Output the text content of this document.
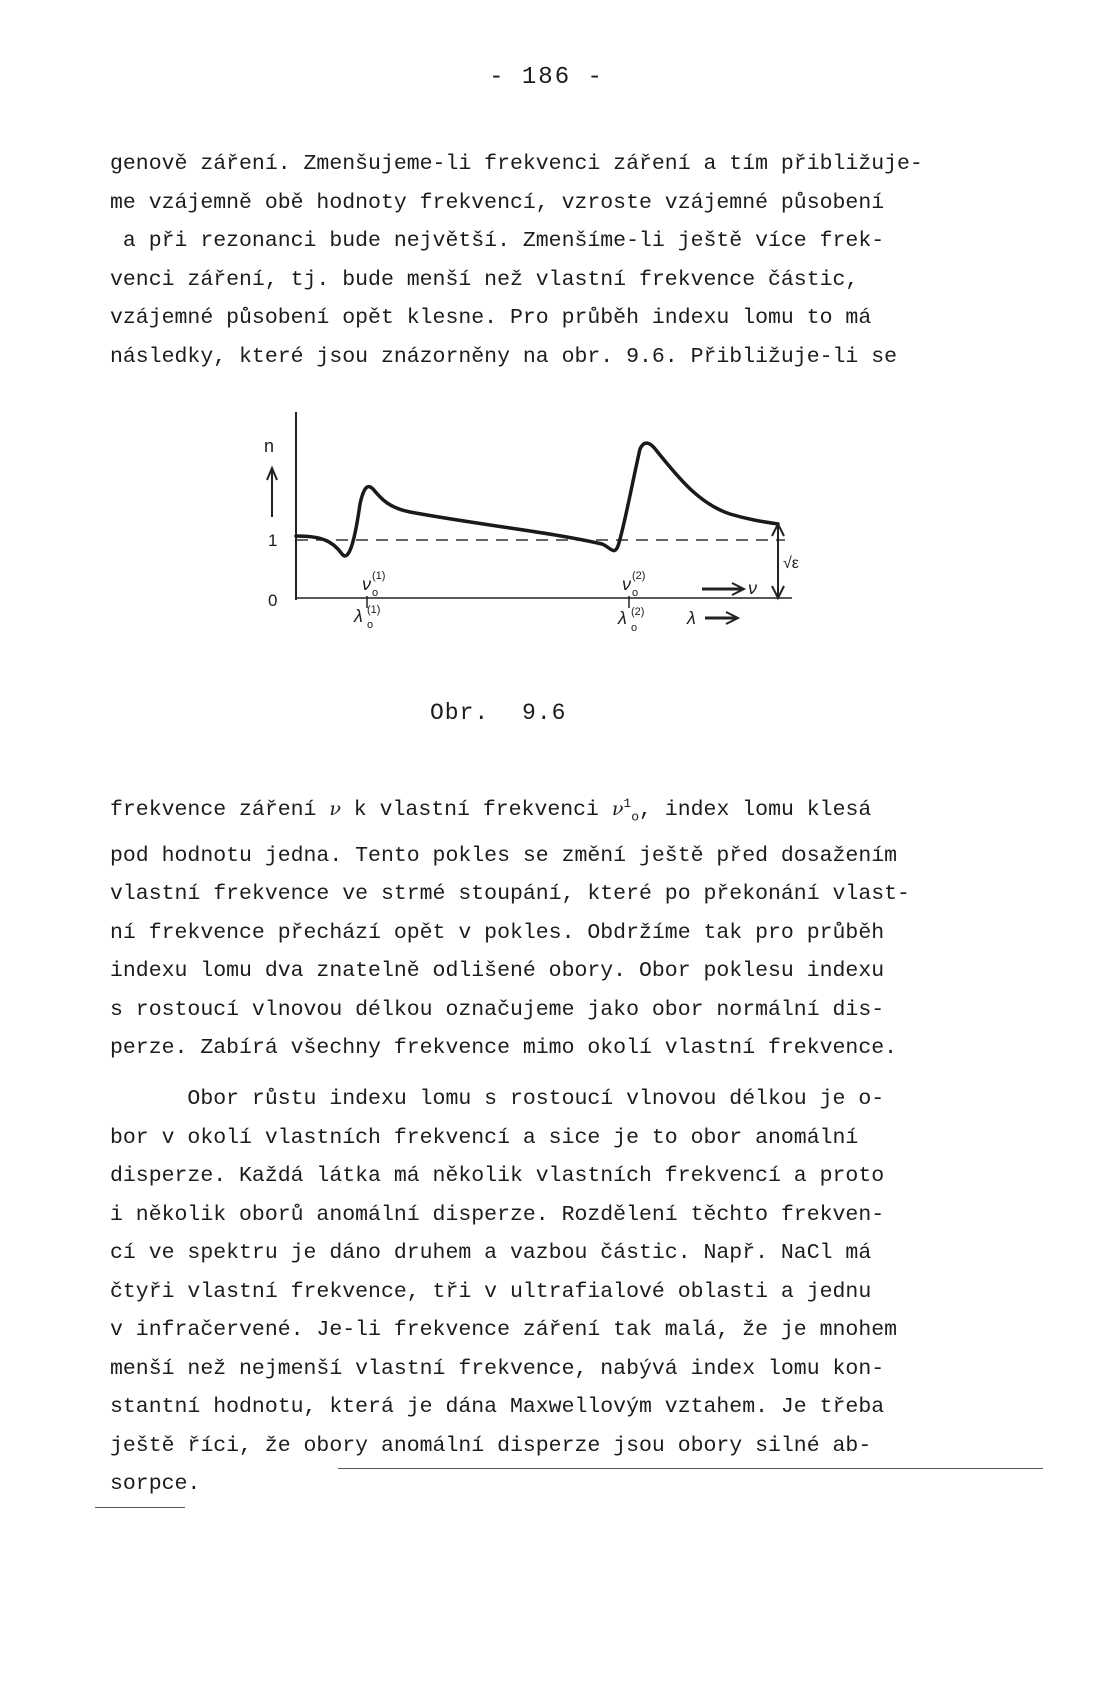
- 186 -
genově záření. Zmenšujeme-li frekvenci záření a tím přibližuje-
me vzájemně obě hodnoty frekvencí, vzroste vzájemné působení
a při rezonanci bude největší. Zmenšíme-li ještě více frek-
venci záření, tj. bude menší než vlastní frekvence částic,
vzájemné působení opět klesne. Pro průběh indexu lomu to má
následky, které jsou znázorněny na obr. 9.6. Přibližuje-li se
n
1
0
√ε
ν o
(1)
λ o
(1)
ν o
(2)
λ o
(2)
ν
λ
Obr. 9.6
frekvence záření ν k vlastní frekvenci $\nu^1_o$, index lomu klesá
pod hodnotu jedna. Tento pokles se změní ještě před dosažením
vlastní frekvence ve strmé stoupání, které po překonání vlast-
ní frekvence přechází opět v pokles. Obdržíme tak pro průběh
indexu lomu dva znatelně odlišené obory. Obor poklesu indexu
s rostoucí vlnovou délkou označujeme jako obor normální dis-
perze. Zabírá všechny frekvence mimo okolí vlastní frekvence.
Obor růstu indexu lomu s rostoucí vlnovou délkou je o-
bor v okolí vlastních frekvencí a sice je to obor anomální
disperze. Každá látka má několik vlastních frekvencí a proto
i několik oborů anomální disperze. Rozdělení těchto frekven-
cí ve spektru je dáno druhem a vazbou částic. Např. NaCl má
čtyři vlastní frekvence, tři v ultrafialové oblasti a jednu
v infračervené. Je-li frekvence záření tak malá, že je mnohem
menší než nejmenší vlastní frekvence, nabývá index lomu kon-
stantní hodnotu, která je dána Maxwellovým vztahem. Je třeba
ještě říci, že obory anomální disperze jsou obory silné ab-
sorpce.
